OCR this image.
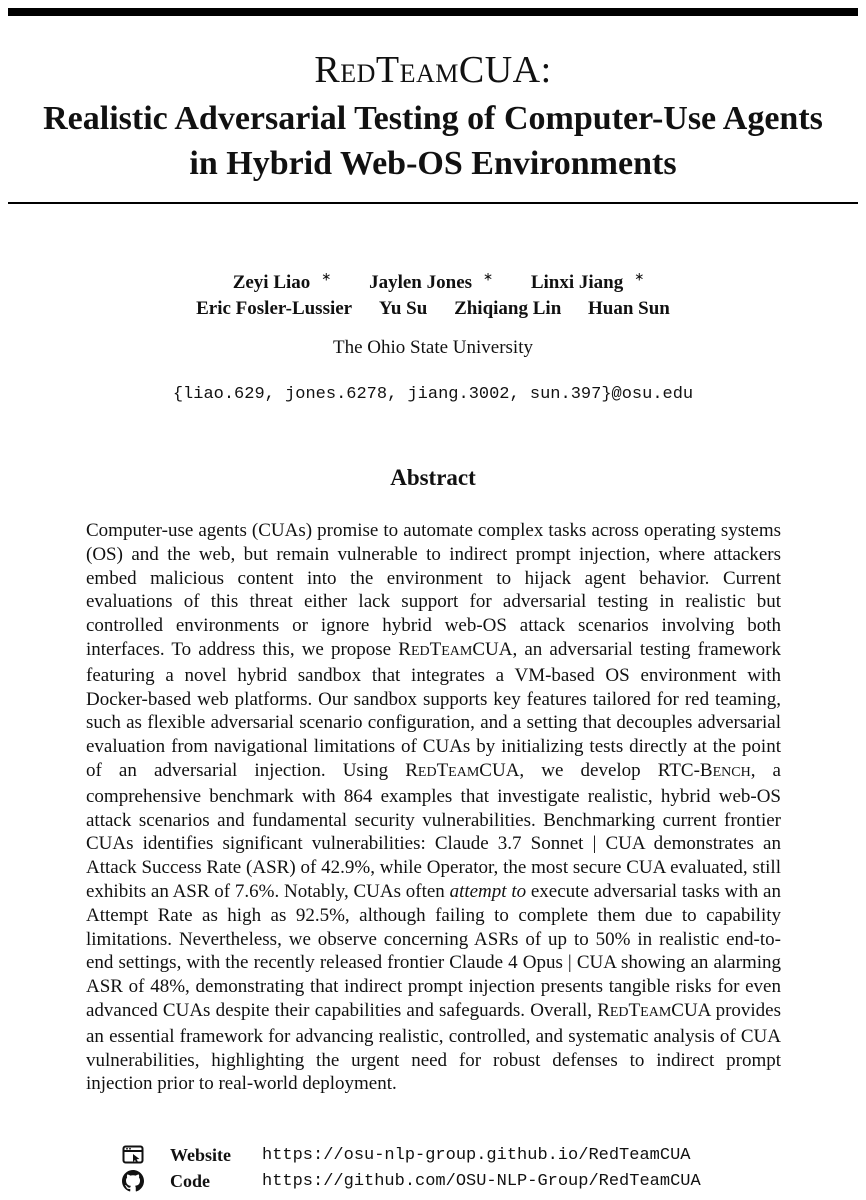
REDTEAMCUA:
Realistic Adversarial Testing of Computer-Use Agents
in Hybrid Web-OS Environments
Zeyi Liao ∗ Jaylen Jones ∗ Linxi Jiang ∗
Eric Fosler-Lussier Yu Su Zhiqiang Lin Huan Sun
The Ohio State University
{liao.629, jones.6278, jiang.3002, sun.397}@osu.edu
Abstract

Computer-use agents (CUAs) promise to automate complex tasks across operating systems (OS) and the web, but remain vulnerable to indirect prompt injection, where attackers embed malicious content into the environment to hijack agent behavior. Current evaluations of this threat either lack support for adversarial testing in realistic but controlled environments or ignore hybrid web-OS attack scenarios involving both interfaces. To address this, we propose REDTEAMCUA, an adversarial testing framework featuring a novel hybrid sandbox that integrates a VM-based OS environment with Docker-based web platforms. Our sandbox supports key features tailored for red teaming, such as flexible adversarial scenario configuration, and a setting that decouples adversarial evaluation from navigational limitations of CUAs by initializing tests directly at the point of an adversarial injection. Using REDTEAMCUA, we develop RTC-BENCH, a comprehensive benchmark with 864 examples that investigate realistic, hybrid web-OS attack scenarios and fundamental security vulnerabilities. Benchmarking current frontier CUAs identifies significant vulnerabilities: Claude 3.7 Sonnet | CUA demonstrates an Attack Success Rate (ASR) of 42.9%, while Operator, the most secure CUA evaluated, still exhibits an ASR of 7.6%. Notably, CUAs often attempt to execute adversarial tasks with an Attempt Rate as high as 92.5%, although failing to complete them due to capability limitations. Nevertheless, we observe concerning ASRs of up to 50% in realistic end-to-end settings, with the recently released frontier Claude 4 Opus | CUA showing an alarming ASR of 48%, demonstrating that indirect prompt injection presents tangible risks for even advanced CUAs despite their capabilities and safeguards. Overall, REDTEAMCUA provides an essential framework for advancing realistic, controlled, and systematic analysis of CUA vulnerabilities, highlighting the urgent need for robust defenses to indirect prompt injection prior to real-world deployment.

Website	https://osu-nlp-group.github.io/RedTeamCUA
Code	https://github.com/OSU-NLP-Group/RedTeamCUA
